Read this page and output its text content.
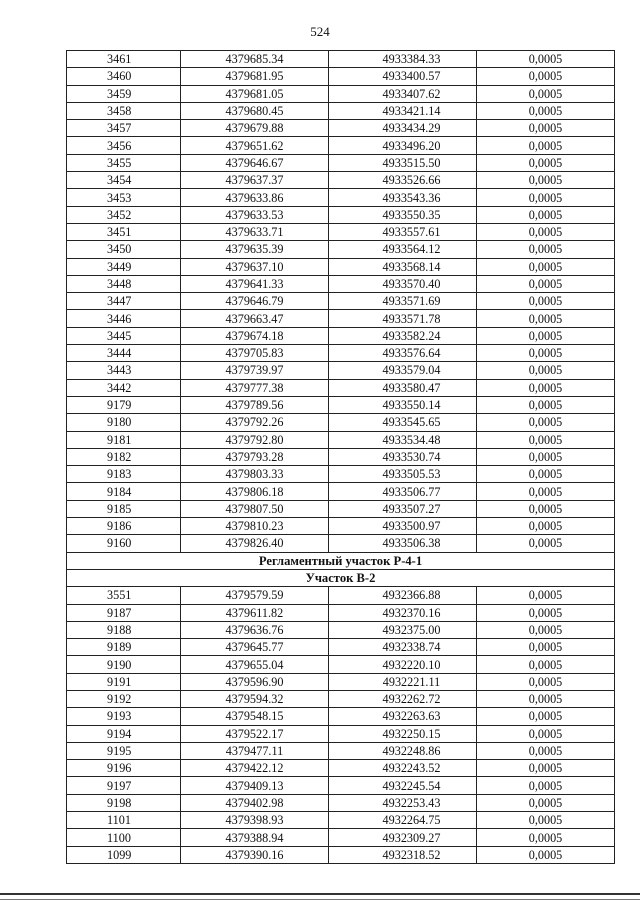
524
3461	4379685.34	4933384.33	0,0005
3460	4379681.95	4933400.57	0,0005
3459	4379681.05	4933407.62	0,0005
3458	4379680.45	4933421.14	0,0005
3457	4379679.88	4933434.29	0,0005
3456	4379651.62	4933496.20	0,0005
3455	4379646.67	4933515.50	0,0005
3454	4379637.37	4933526.66	0,0005
3453	4379633.86	4933543.36	0,0005
3452	4379633.53	4933550.35	0,0005
3451	4379633.71	4933557.61	0,0005
3450	4379635.39	4933564.12	0,0005
3449	4379637.10	4933568.14	0,0005
3448	4379641.33	4933570.40	0,0005
3447	4379646.79	4933571.69	0,0005
3446	4379663.47	4933571.78	0,0005
3445	4379674.18	4933582.24	0,0005
3444	4379705.83	4933576.64	0,0005
3443	4379739.97	4933579.04	0,0005
3442	4379777.38	4933580.47	0,0005
9179	4379789.56	4933550.14	0,0005
9180	4379792.26	4933545.65	0,0005
9181	4379792.80	4933534.48	0,0005
9182	4379793.28	4933530.74	0,0005
9183	4379803.33	4933505.53	0,0005
9184	4379806.18	4933506.77	0,0005
9185	4379807.50	4933507.27	0,0005
9186	4379810.23	4933500.97	0,0005
9160	4379826.40	4933506.38	0,0005
Регламентный участок Р-4-1			
Участок В-2			
3551	4379579.59	4932366.88	0,0005
9187	4379611.82	4932370.16	0,0005
9188	4379636.76	4932375.00	0,0005
9189	4379645.77	4932338.74	0,0005
9190	4379655.04	4932220.10	0,0005
9191	4379596.90	4932221.11	0,0005
9192	4379594.32	4932262.72	0,0005
9193	4379548.15	4932263.63	0,0005
9194	4379522.17	4932250.15	0,0005
9195	4379477.11	4932248.86	0,0005
9196	4379422.12	4932243.52	0,0005
9197	4379409.13	4932245.54	0,0005
9198	4379402.98	4932253.43	0,0005
1101	4379398.93	4932264.75	0,0005
1100	4379388.94	4932309.27	0,0005
1099	4379390.16	4932318.52	0,0005
